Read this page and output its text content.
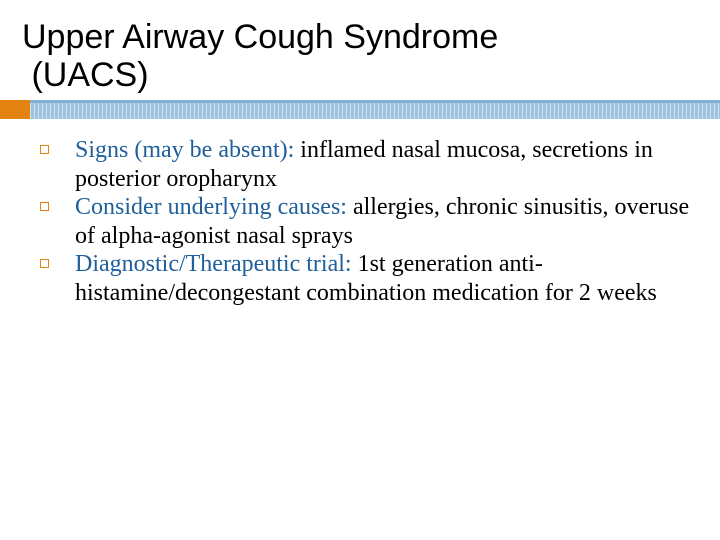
Upper Airway Cough Syndrome
(UACS)
Signs (may be absent): inflamed nasal mucosa, secretions in posterior oropharynx
Consider underlying causes: allergies, chronic sinusitis, overuse of alpha-agonist nasal sprays
Diagnostic/Therapeutic trial: 1st generation anti-histamine/decongestant combination medication for 2 weeks
